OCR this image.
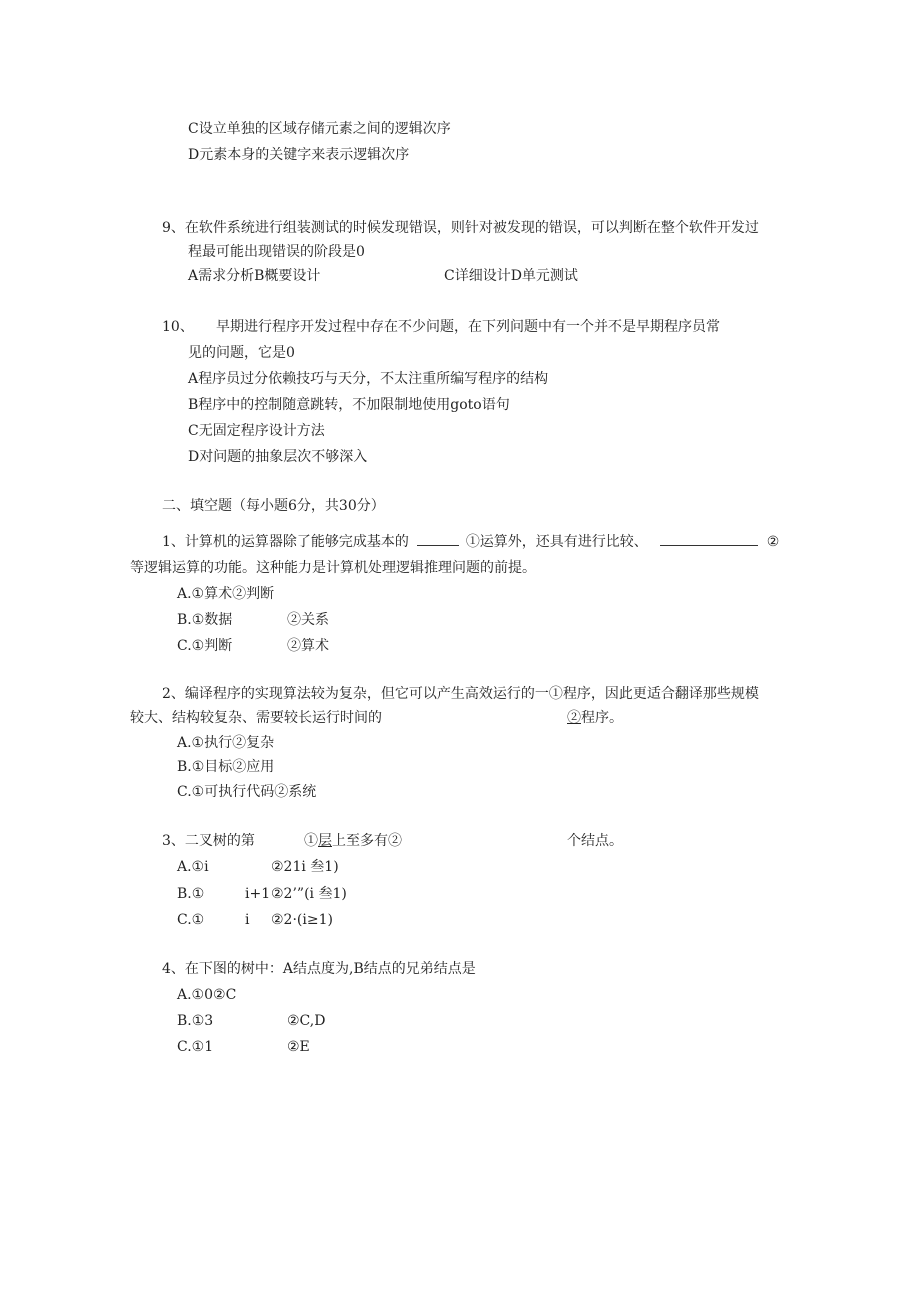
C设立单独的区域存储元素之间的逻辑次序
D元素本身的关键字来表示逻辑次序
9、在软件系统进行组装测试的时候发现错误，则针对被发现的错误，可以判断在整个软件开发过
程最可能出现错误的阶段是0
A需求分析B概要设计	C详细设计D单元测试
10、 早期进行程序开发过程中存在不少问题，在下列问题中有一个并不是早期程序员常
见的问题，它是0
A程序员过分依赖技巧与天分，不太注重所编写程序的结构
B程序中的控制随意跳转，不加限制地使用goto语句
C无固定程序设计方法
D对问题的抽象层次不够深入
二、填空题（每小题6分，共30分）
1、计算机的运算器除了能够完成基本的	①运算外，还具有进行比较、	②
等逻辑运算的功能。这种能力是计算机处理逻辑推理问题的前提。
A.①算术②判断
B.①数据	②关系
C.①判断	②算术
2、编译程序的实现算法较为复杂，但它可以产生高效运行的一①程序，因此更适合翻译那些规模
较大、结构较复杂、需要较长运行时间的	②程序。
A.①执行②复杂
B.①目标②应用
C.①可执行代码②系统
3、二叉树的第	①层上至多有②	个结点。
A.①i	②21i 叁1)
B.①	i+1 ②2’”(i 叁1)
C.①	i ②2·(i≥1)
4、在下图的树中：A结点度为,B结点的兄弟结点是
A.①0②C
B.①3	②C,D
C.①1	②E
